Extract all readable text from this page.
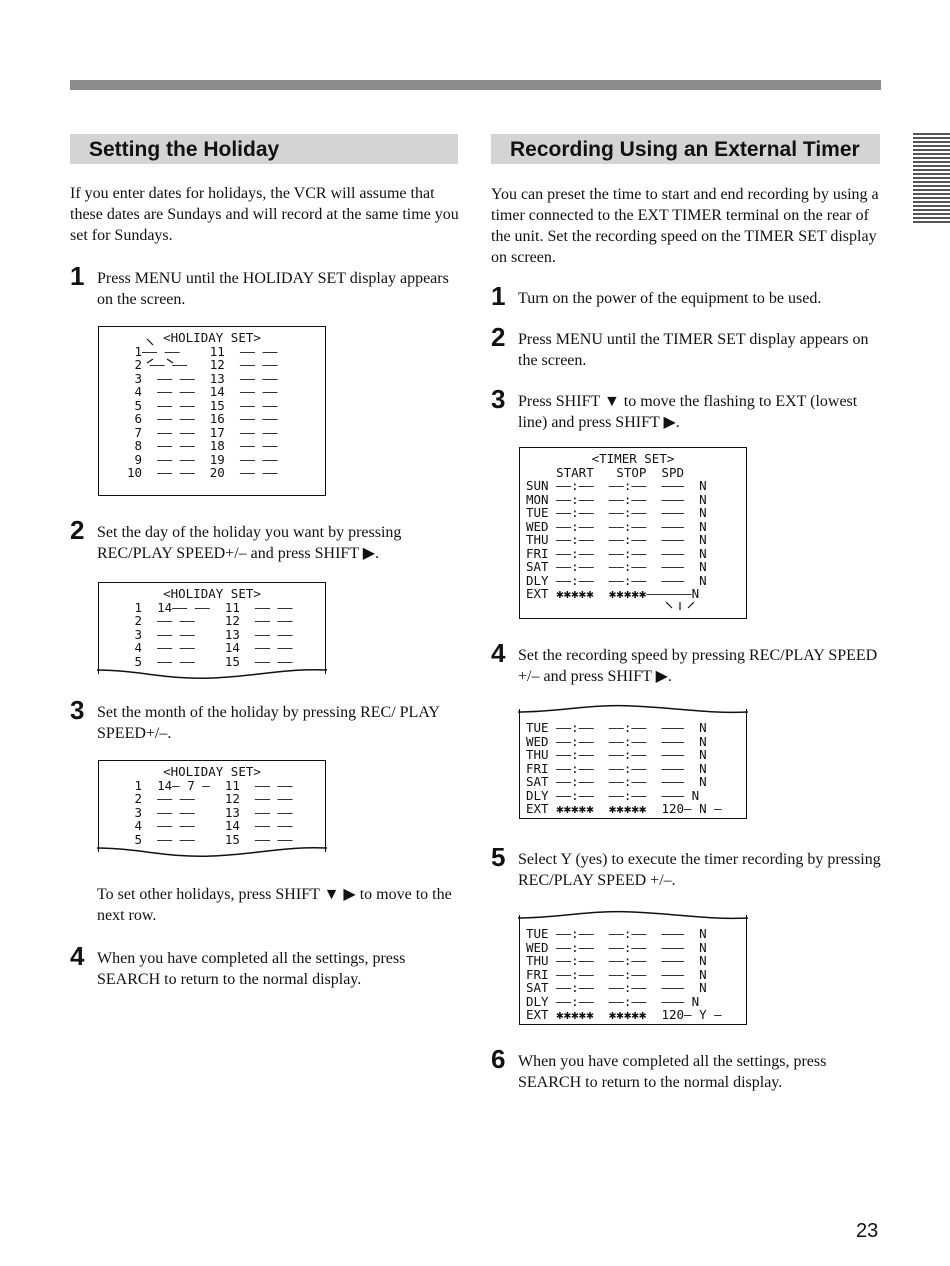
Setting the Holiday

If you enter dates for holidays, the VCR will assume that these dates are Sundays and will record at the same time you set for Sundays.

1 Press MENU until the HOLIDAY SET display appears on the screen.
<HOLIDAY SET>
1–– ––    11  –– ––
2 –– ––   12  –– ––
3  –– ––  13  –– ––
4  –– ––  14  –– ––
5  –– ––  15  –– ––
6  –– ––  16  –– ––
7  –– ––  17  –– ––
8  –– ––  18  –– ––
9  –– ––  19  –– ––
10  –– ––  20  –– ––
2 Set the day of the holiday you want by pressing REC/PLAY SPEED+/– and press SHIFT ▶.
<HOLIDAY SET>
1  14–– ––  11  –– ––
2  –– ––    12  –– ––
3  –– ––    13  –– ––
4  –– ––    14  –– ––
5  –– ––    15  –– ––
3 Set the month of the holiday by pressing REC/ PLAY SPEED+/–.
<HOLIDAY SET>
1  14– 7 –  11  –– ––
2  –– ––    12  –– ––
3  –– ––    13  –– ––
4  –– ––    14  –– ––
5  –– ––    15  –– ––

To set other holidays, press SHIFT ▼ ▶ to move to the next row.

4 When you have completed all the settings, press SEARCH to return to the normal display.
Recording Using an External Timer

You can preset the time to start and end recording by using a timer connected to the EXT TIMER terminal on the rear of the unit. Set the recording speed on the TIMER SET display on screen.

1 Turn on the power of the equipment to be used.
2 Press MENU until the TIMER SET display appears on the screen.
3 Press SHIFT ▼ to move the flashing to EXT (lowest line) and press SHIFT ▶.
<TIMER SET>
START   STOP  SPD
SUN ––:––  ––:––  –––  N
MON ––:––  ––:––  –––  N
TUE ––:––  ––:––  –––  N
WED ––:––  ––:––  –––  N
THU ––:––  ––:––  –––  N
FRI ––:––  ––:––  –––  N
SAT ––:––  ––:––  –––  N
DLY ––:––  ––:––  –––  N
EXT ✱✱✱✱✱  ✱✱✱✱✱––––––N
4 Set the recording speed by pressing REC/PLAY SPEED +/– and press SHIFT ▶.
TUE ––:––  ––:––  –––  N
WED ––:––  ––:––  –––  N
THU ––:––  ––:––  –––  N
FRI ––:––  ––:––  –––  N
SAT ––:––  ––:––  –––  N
DLY ––:––  ––:––  ––– N
EXT ✱✱✱✱✱  ✱✱✱✱✱  120– N –
5 Select Y (yes) to execute the timer recording by pressing REC/PLAY SPEED +/–.
TUE ––:––  ––:––  –––  N
WED ––:––  ––:––  –––  N
THU ––:––  ––:––  –––  N
FRI ––:––  ––:––  –––  N
SAT ––:––  ––:––  –––  N
DLY ––:––  ––:––  ––– N
EXT ✱✱✱✱✱  ✱✱✱✱✱  120– Y –
6 When you have completed all the settings, press SEARCH to return to the normal display.
23
